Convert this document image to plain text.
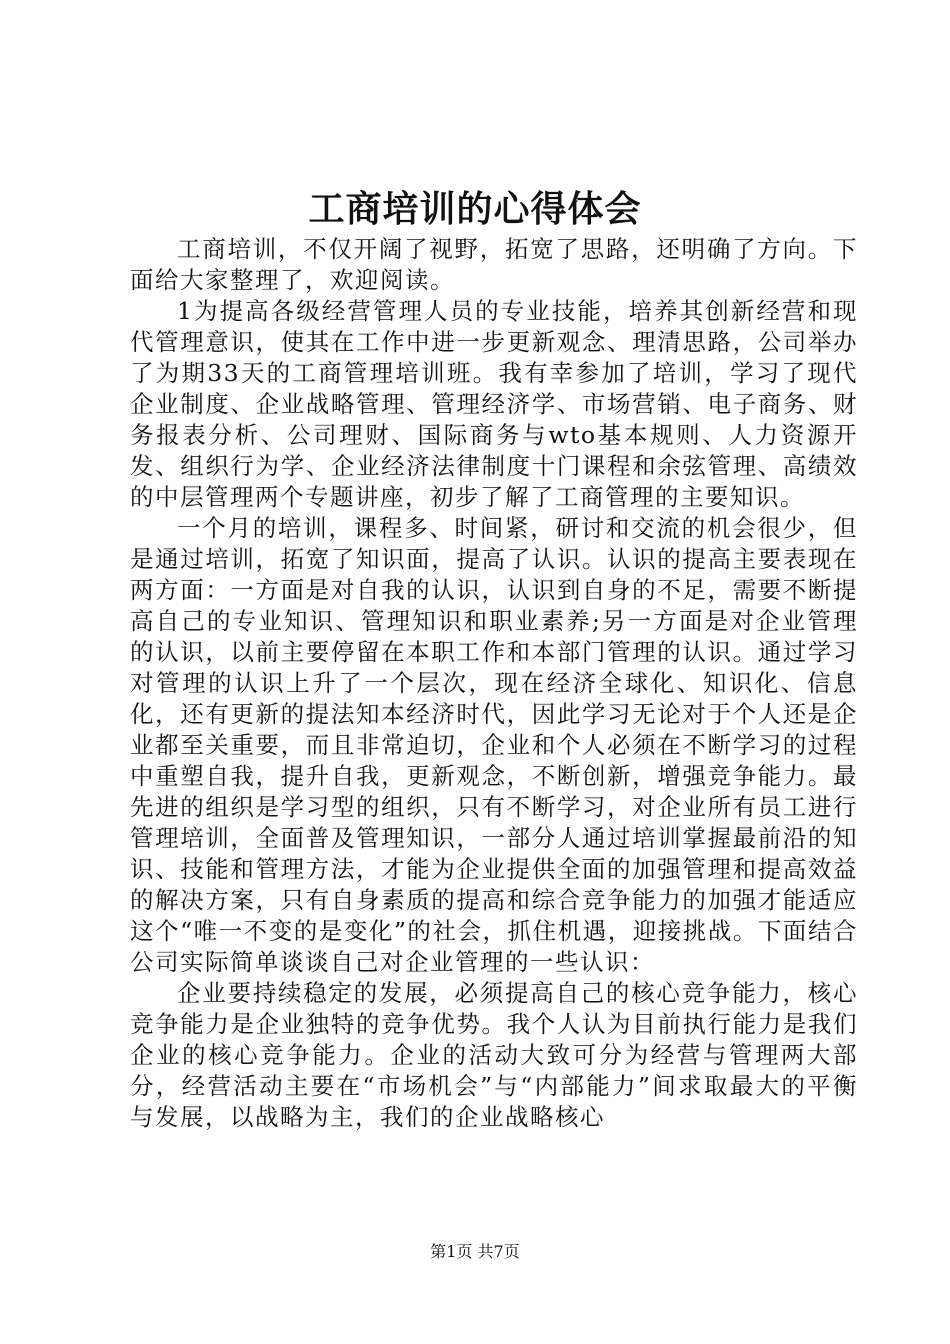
工商培训的心得体会

工商培训，不仅开阔了视野，拓宽了思路，还明确了方向。下面给大家整理了，欢迎阅读。

1为提高各级经营管理人员的专业技能，培养其创新经营和现代管理意识，使其在工作中进一步更新观念、理清思路，公司举办了为期33天的工商管理培训班。我有幸参加了培训，学习了现代企业制度、企业战略管理、管理经济学、市场营销、电子商务、财务报表分析、公司理财、国际商务与wto基本规则、人力资源开发、组织行为学、企业经济法律制度十门课程和余弦管理、高绩效的中层管理两个专题讲座，初步了解了工商管理的主要知识。

一个月的培训，课程多、时间紧，研讨和交流的机会很少，但是通过培训，拓宽了知识面，提高了认识。认识的提高主要表现在两方面：一方面是对自我的认识，认识到自身的不足，需要不断提高自己的专业知识、管理知识和职业素养;另一方面是对企业管理的认识，以前主要停留在本职工作和本部门管理的认识。通过学习对管理的认识上升了一个层次，现在经济全球化、知识化、信息化，还有更新的提法知本经济时代，因此学习无论对于个人还是企业都至关重要，而且非常迫切，企业和个人必须在不断学习的过程中重塑自我，提升自我，更新观念，不断创新，增强竞争能力。最先进的组织是学习型的组织，只有不断学习，对企业所有员工进行管理培训，全面普及管理知识，一部分人通过培训掌握最前沿的知识、技能和管理方法，才能为企业提供全面的加强管理和提高效益的解决方案，只有自身素质的提高和综合竞争能力的加强才能适应这个“唯一不变的是变化”的社会，抓住机遇，迎接挑战。下面结合公司实际简单谈谈自己对企业管理的一些认识：

企业要持续稳定的发展，必须提高自己的核心竞争能力，核心竞争能力是企业独特的竞争优势。我个人认为目前执行能力是我们企业的核心竞争能力。企业的活动大致可分为经营与管理两大部分，经营活动主要在“市场机会”与“内部能力”间求取最大的平衡与发展，以战略为主，我们的企业战略核心

第1页 共7页
